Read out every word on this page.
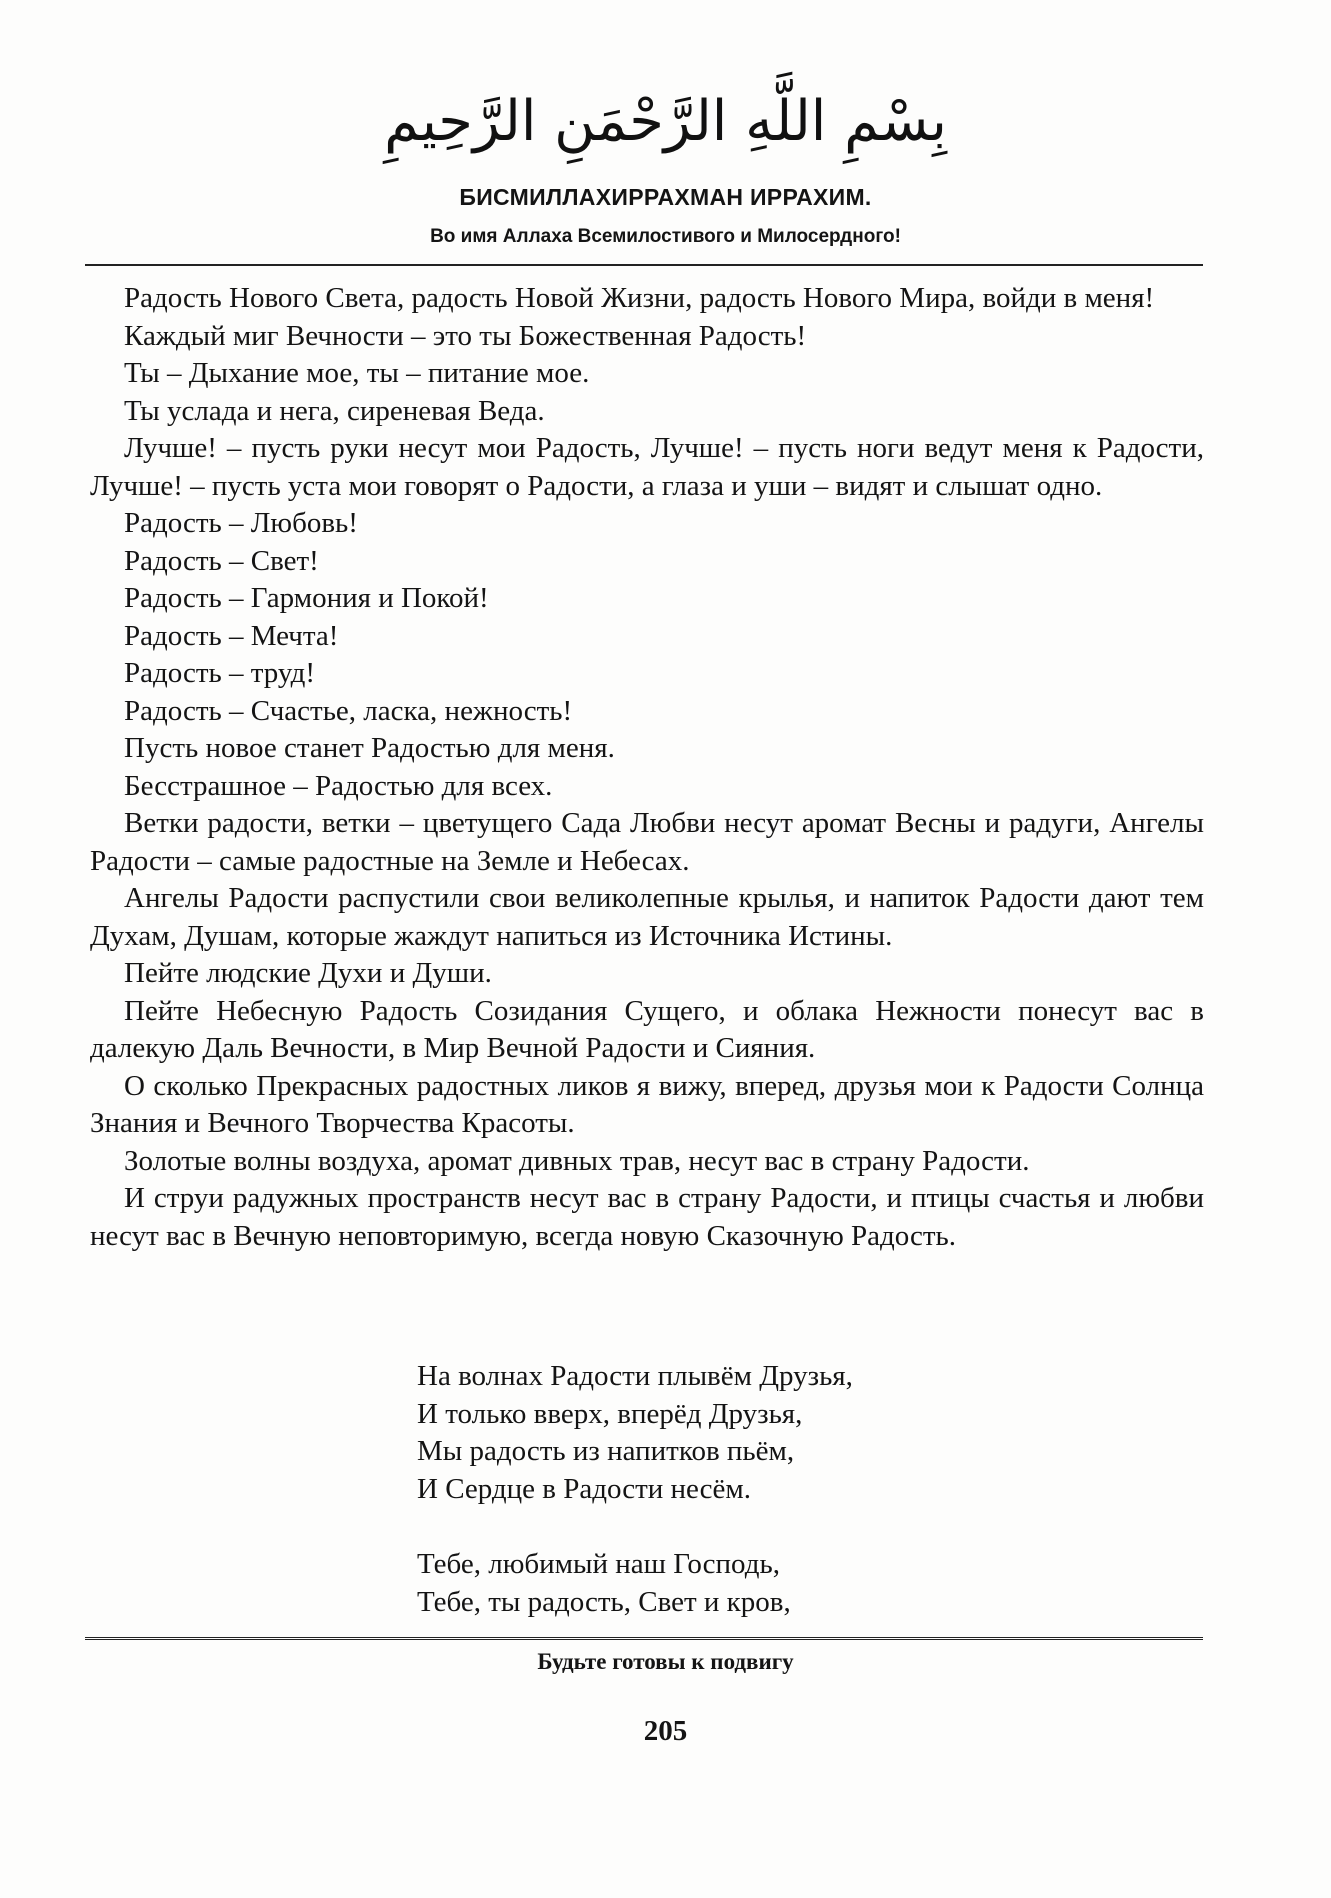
بِسْمِ اللَّهِ الرَّحْمَنِ الرَّحِيمِ
БИСМИЛЛАХИРРАХМАН ИРРАХИМ.
Во имя Аллаха Всемилостивого и Милосердного!

Радость Нового Света, радость Новой Жизни, радость Нового Мира, войди в меня!

Каждый миг Вечности – это ты Божественная Радость!

Ты – Дыхание мое, ты – питание мое.

Ты услада и нега, сиреневая Веда.

Лучше! – пусть руки несут мои Радость, Лучше! – пусть ноги ведут меня к Радости, Лучше! – пусть уста мои говорят о Радости, а глаза и уши – видят и слышат одно.

Радость – Любовь!

Радость – Свет!

Радость – Гармония и Покой!

Радость – Мечта!

Радость – труд!

Радость – Счастье, ласка, нежность!

Пусть новое станет Радостью для меня.

Бесстрашное – Радостью для всех.

Ветки радости, ветки – цветущего Сада Любви несут аромат Весны и радуги, Ангелы Радости – самые радостные на Земле и Небесах.

Ангелы Радости распустили свои великолепные крылья, и напиток Радости дают тем Духам, Душам, которые жаждут напиться из Источника Истины.

Пейте людские Духи и Души.

Пейте Небесную Радость Созидания Сущего, и облака Нежности понесут вас в далекую Даль Вечности, в Мир Вечной Радости и Сияния.

О сколько Прекрасных радостных ликов я вижу, вперед, друзья мои к Радости Солнца Знания и Вечного Творчества Красоты.

Золотые волны воздуха, аромат дивных трав, несут вас в страну Радости.

И струи радужных пространств несут вас в страну Радости, и птицы счастья и любви несут вас в Вечную неповторимую, всегда новую Сказочную Радость.

На волнах Радости плывём Друзья,
И только вверх, вперёд Друзья,
Мы радость из напитков пьём,
И Сердце в Радости несём.
Тебе, любимый наш Господь,
Тебе, ты радость, Свет и кров,
Будьте готовы к подвигу
205
